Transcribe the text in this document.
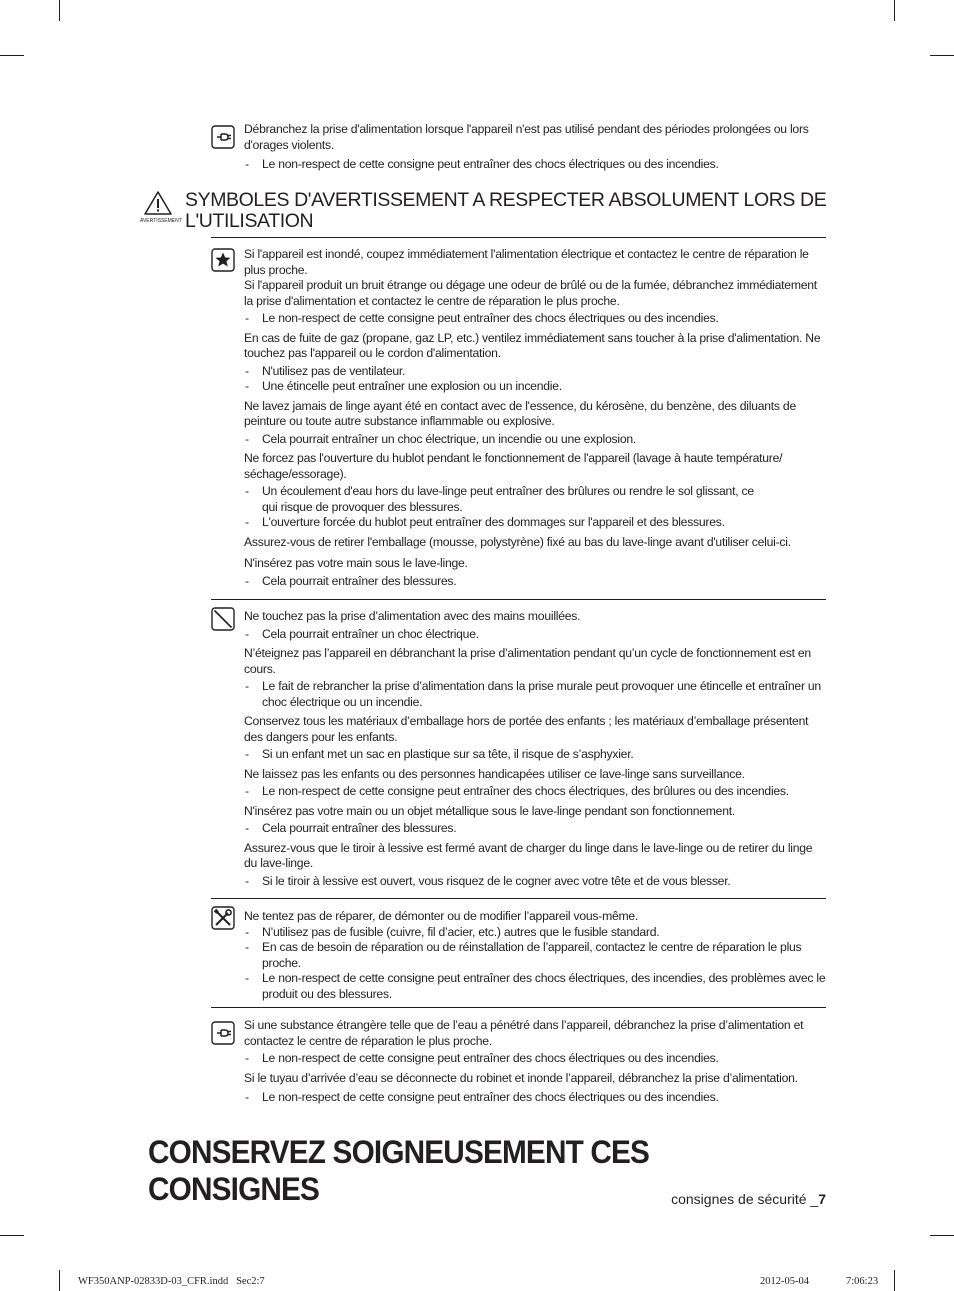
Débranchez la prise d'alimentation lorsque l'appareil n'est pas utilisé pendant des périodes prolongées ou lors d'orages violents.

- Le non-respect de cette consigne peut entraîner des chocs électriques ou des incendies.

AVERTISSEMENT
SYMBOLES D'AVERTISSEMENT A RESPECTER ABSOLUMENT LORS DE L'UTILISATION

Si l'appareil est inondé, coupez immédiatement l'alimentation électrique et contactez le centre de réparation le plus proche.

Si l'appareil produit un bruit étrange ou dégage une odeur de brûlé ou de la fumée, débranchez immédiatement la prise d'alimentation et contactez le centre de réparation le plus proche.

- Le non-respect de cette consigne peut entraîner des chocs électriques ou des incendies.

En cas de fuite de gaz (propane, gaz LP, etc.) ventilez immédiatement sans toucher à la prise d'alimentation. Ne touchez pas l'appareil ou le cordon d'alimentation.

- N'utilisez pas de ventilateur.

- Une étincelle peut entraîner une explosion ou un incendie.

Ne lavez jamais de linge ayant été en contact avec de l'essence, du kérosène, du benzène, des diluants de peinture ou toute autre substance inflammable ou explosive.

- Cela pourrait entraîner un choc électrique, un incendie ou une explosion.

Ne forcez pas l'ouverture du hublot pendant le fonctionnement de l'appareil (lavage à haute température/ séchage/essorage).

- Un écoulement d'eau hors du lave-linge peut entraîner des brûlures ou rendre le sol glissant, ce qui risque de provoquer des blessures.

- L'ouverture forcée du hublot peut entraîner des dommages sur l'appareil et des blessures.

Assurez-vous de retirer l'emballage (mousse, polystyrène) fixé au bas du lave-linge avant d'utiliser celui-ci.

N'insérez pas votre main sous le lave-linge.

- Cela pourrait entraîner des blessures.

Ne touchez pas la prise d’alimentation avec des mains mouillées.

- Cela pourrait entraîner un choc électrique.

N’éteignez pas l’appareil en débranchant la prise d’alimentation pendant qu’un cycle de fonctionnement est en cours.

- Le fait de rebrancher la prise d’alimentation dans la prise murale peut provoquer une étincelle et entraîner un choc électrique ou un incendie.

Conservez tous les matériaux d’emballage hors de portée des enfants ; les matériaux d’emballage présentent des dangers pour les enfants.

- Si un enfant met un sac en plastique sur sa tête, il risque de s’asphyxier.

Ne laissez pas les enfants ou des personnes handicapées utiliser ce lave-linge sans surveillance.

- Le non-respect de cette consigne peut entraîner des chocs électriques, des brûlures ou des incendies.

N'insérez pas votre main ou un objet métallique sous le lave-linge pendant son fonctionnement.

- Cela pourrait entraîner des blessures.

Assurez-vous que le tiroir à lessive est fermé avant de charger du linge dans le lave-linge ou de retirer du linge du lave-linge.

- Si le tiroir à lessive est ouvert, vous risquez de le cogner avec votre tête et de vous blesser.

Ne tentez pas de réparer, de démonter ou de modifier l’appareil vous-même.

- N’utilisez pas de fusible (cuivre, fil d’acier, etc.) autres que le fusible standard.

- En cas de besoin de réparation ou de réinstallation de l’appareil, contactez le centre de réparation le plus proche.

- Le non-respect de cette consigne peut entraîner des chocs électriques, des incendies, des problèmes avec le produit ou des blessures.

Si une substance étrangère telle que de l’eau a pénétré dans l’appareil, débranchez la prise d’alimentation et contactez le centre de réparation le plus proche.

- Le non-respect de cette consigne peut entraîner des chocs électriques ou des incendies.

Si le tuyau d’arrivée d’eau se déconnecte du robinet et inonde l’appareil, débranchez la prise d’alimentation.

- Le non-respect de cette consigne peut entraîner des chocs électriques ou des incendies.

CONSERVEZ SOIGNEUSEMENT CES CONSIGNES	consignes de sécurité _7
WF350ANP-02833D-03_CFR.indd   Sec2:7	2012-05-04	7:06:23
